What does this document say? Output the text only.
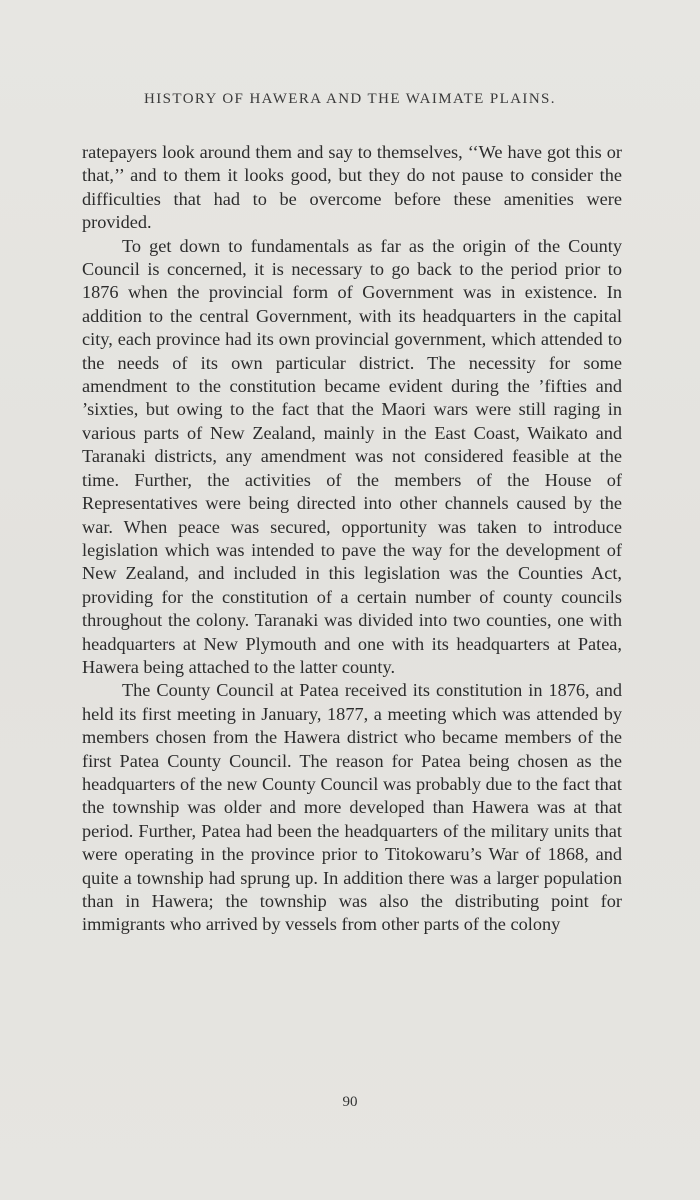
HISTORY OF HAWERA AND THE WAIMATE PLAINS.

ratepayers look around them and say to themselves, ‘‘We have got this or that,’’ and to them it looks good, but they do not pause to consider the difficulties that had to be overcome before these amenities were provided.

To get down to fundamentals as far as the origin of the County Council is concerned, it is necessary to go back to the period prior to 1876 when the provincial form of Government was in existence. In addition to the central Government, with its headquarters in the capital city, each province had its own provincial government, which attended to the needs of its own particular district. The necessity for some amendment to the constitution became evident during the ’fifties and ’sixties, but owing to the fact that the Maori wars were still raging in various parts of New Zealand, mainly in the East Coast, Waikato and Taranaki districts, any amendment was not considered feasible at the time. Further, the activities of the members of the House of Representatives were being directed into other channels caused by the war. When peace was secured, opportunity was taken to introduce legislation which was intended to pave the way for the development of New Zealand, and included in this legislation was the Counties Act, providing for the constitution of a certain number of county councils throughout the colony. Taranaki was divided into two counties, one with headquarters at New Plymouth and one with its headquarters at Patea, Hawera being attached to the latter county.

The County Council at Patea received its constitution in 1876, and held its first meeting in January, 1877, a meeting which was attended by members chosen from the Hawera district who became members of the first Patea County Council. The reason for Patea being chosen as the headquarters of the new County Council was probably due to the fact that the township was older and more developed than Hawera was at that period. Further, Patea had been the headquarters of the military units that were operating in the province prior to Titokowaru’s War of 1868, and quite a township had sprung up. In addition there was a larger population than in Hawera; the township was also the distributing point for immigrants who arrived by vessels from other parts of the colony

90
